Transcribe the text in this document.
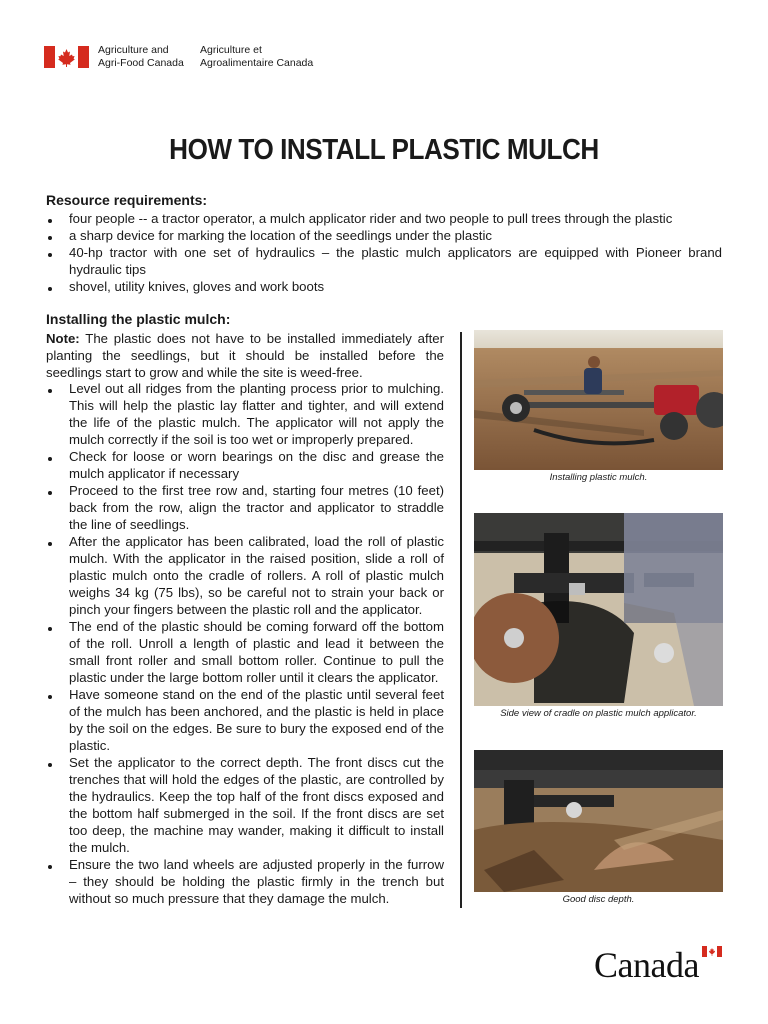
Agriculture and
Agri-Food Canada
Agriculture et
Agroalimentaire Canada
HOW TO INSTALL PLASTIC MULCH
Resource requirements:
four people -- a tractor operator, a mulch applicator rider and two people to pull trees through the plastic
a sharp device for marking the location of the seedlings under the plastic
40-hp tractor with one set of hydraulics – the plastic mulch applicators are equipped with Pioneer brand hydraulic tips
shovel, utility knives, gloves and work boots
Installing the plastic mulch:
Note: The plastic does not have to be installed immediately after planting the seedlings, but it should be installed before the seedlings start to grow and while the site is weed-free.
Level out all ridges from the planting process prior to mulching. This will help the plastic lay flatter and tighter, and will extend the life of the plastic mulch. The applicator will not apply the mulch correctly if the soil is too wet or improperly prepared.
Check for loose or worn bearings on the disc and grease the mulch applicator if necessary
Proceed to the first tree row and, starting four metres (10 feet) back from the row, align the tractor and applicator to straddle the line of seedlings.
After the applicator has been calibrated, load the roll of plastic mulch. With the applicator in the raised position, slide a roll of plastic mulch onto the cradle of rollers. A roll of plastic mulch weighs 34 kg (75 lbs), so be careful not to strain your back or pinch your fingers between the plastic roll and the applicator.
The end of the plastic should be coming forward off the bottom of the roll. Unroll a length of plastic and lead it between the small front roller and small bottom roller. Continue to pull the plastic under the large bottom roller until it clears the applicator.
Have someone stand on the end of the plastic until several feet of the mulch has been anchored, and the plastic is held in place by the soil on the edges. Be sure to bury the exposed end of the plastic.
Set the applicator to the correct depth. The front discs cut the trenches that will hold the edges of the plastic, are controlled by the hydraulics. Keep the top half of the front discs exposed and the bottom half submerged in the soil. If the front discs are set too deep, the machine may wander, making it difficult to install the mulch.
Ensure the two land wheels are adjusted properly in the furrow – they should be holding the plastic firmly in the trench but without so much pressure that they damage the mulch.
Installing plastic mulch.
Side view of cradle on plastic mulch applicator.
Good disc depth.
Canada
